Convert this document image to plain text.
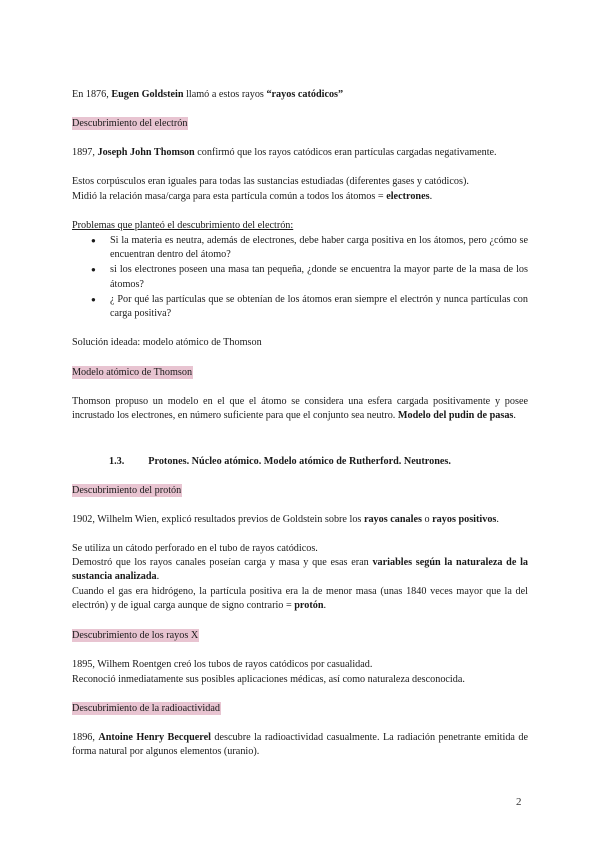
En 1876, Eugen Goldstein llamó a estos rayos “rayos catódicos”
Descubrimiento del electrón
1897, Joseph John Thomson confirmó que los rayos catódicos eran partículas cargadas negativamente.
Estos corpúsculos eran iguales para todas las sustancias estudiadas (diferentes gases y catódicos).
Midió la relación masa/carga para esta partícula común a todos los átomos = electrones.
Problemas que planteó el descubrimiento del electrón:
● Si la materia es neutra, además de electrones, debe haber carga positiva en los átomos, pero ¿cómo se encuentran dentro del átomo?
● si los electrones poseen una masa tan pequeña, ¿donde se encuentra la mayor parte de la masa de los átomos?
● ¿ Por qué las partículas que se obtenían de los átomos eran siempre el electrón y nunca partículas con carga positiva?
Solución ideada: modelo atómico de Thomson
Modelo atómico de Thomson
Thomson propuso un modelo en el que el átomo se considera una esfera cargada positivamente y posee incrustado los electrones, en número suficiente para que el conjunto sea neutro. Modelo del pudin de pasas.
1.3. Protones. Núcleo atómico. Modelo atómico de Rutherford. Neutrones.
Descubrimiento del protón
1902, Wilhelm Wien, explicó resultados previos de Goldstein sobre los rayos canales o rayos positivos.
Se utiliza un cátodo perforado en el tubo de rayos catódicos.
Demostró que los rayos canales poseían carga y masa y que esas eran variables según la naturaleza de la sustancia analizada.
Cuando el gas era hidrógeno, la partícula positiva era la de menor masa (unas 1840 veces mayor que la del electrón) y de igual carga aunque de signo contrario = protón.
Descubrimiento de los rayos X
1895, Wilhem Roentgen creó los tubos de rayos catódicos por casualidad.
Reconoció inmediatamente sus posibles aplicaciones médicas, así como naturaleza desconocida.
Descubrimiento de la radioactividad
1896, Antoine Henry Becquerel descubre la radioactividad casualmente. La radiación penetrante emitida de forma natural por algunos elementos (uranio).
2
